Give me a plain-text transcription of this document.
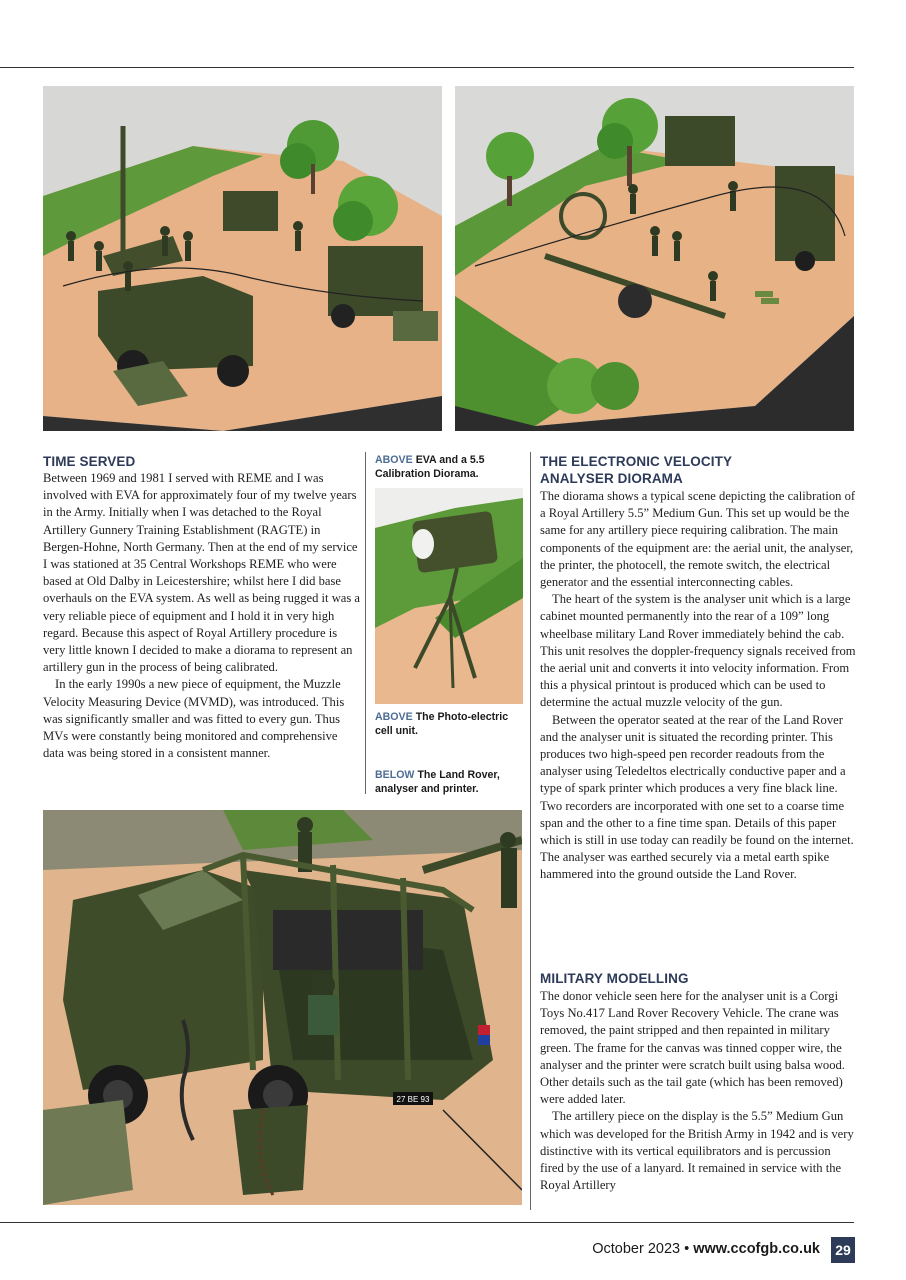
TIME SERVED

Between 1969 and 1981 I served with REME and I was involved with EVA for approximately four of my twelve years in the Army. Initially when I was detached to the Royal Artillery Gunnery Training Establishment (RAGTE) in Bergen-Hohne, North Germany. Then at the end of my service I was stationed at 35 Central Workshops REME who were based at Old Dalby in Leicestershire; whilst here I did base overhauls on the EVA system. As well as being rugged it was a very reliable piece of equipment and I hold it in very high regard. Because this aspect of Royal Artillery procedure is very little known I decided to make a diorama to represent an artillery gun in the process of being calibrated.

In the early 1990s a new piece of equipment, the Muzzle Velocity Measuring Device (MVMD), was introduced. This was significantly smaller and was fitted to every gun. Thus MVs were constantly being monitored and comprehensive data was being stored in a consistent manner.

ABOVE EVA and a 5.5 Calibration Diorama.
ABOVE The Photo-electric cell unit.
BELOW The Land Rover, analyser and printer.
27 BE 93
THE ELECTRONIC VELOCITY ANALYSER DIORAMA

The diorama shows a typical scene depicting the calibration of a Royal Artillery 5.5” Medium Gun. This set up would be the same for any artillery piece requiring calibration. The main components of the equipment are: the aerial unit, the analyser, the printer, the photocell, the remote switch, the electrical generator and the essential interconnecting cables.

The heart of the system is the analyser unit which is a large cabinet mounted permanently into the rear of a 109” long wheelbase military Land Rover immediately behind the cab. This unit resolves the doppler-frequency signals received from the aerial unit and converts it into velocity information. From this a physical printout is produced which can be used to determine the actual muzzle velocity of the gun.

Between the operator seated at the rear of the Land Rover and the analyser unit is situated the recording printer. This produces two high-speed pen recorder readouts from the analyser using Teledeltos electrically conductive paper and a type of spark printer which produces a very fine black line. Two recorders are incorporated with one set to a coarse time span and the other to a fine time span. Details of this paper which is still in use today can readily be found on the internet. The analyser was earthed securely via a metal earth spike hammered into the ground outside the Land Rover.

MILITARY MODELLING

The donor vehicle seen here for the analyser unit is a Corgi Toys No.417 Land Rover Recovery Vehicle. The crane was removed, the paint stripped and then repainted in military green. The frame for the canvas was tinned copper wire, the analyser and the printer were scratch built using balsa wood. Other details such as the tail gate (which has been removed) were added later.

The artillery piece on the display is the 5.5” Medium Gun which was developed for the British Army in 1942 and is very distinctive with its vertical equilibrators and is percussion fired by the use of a lanyard. It remained in service with the Royal Artillery

October 2023 • www.ccofgb.co.uk	29
